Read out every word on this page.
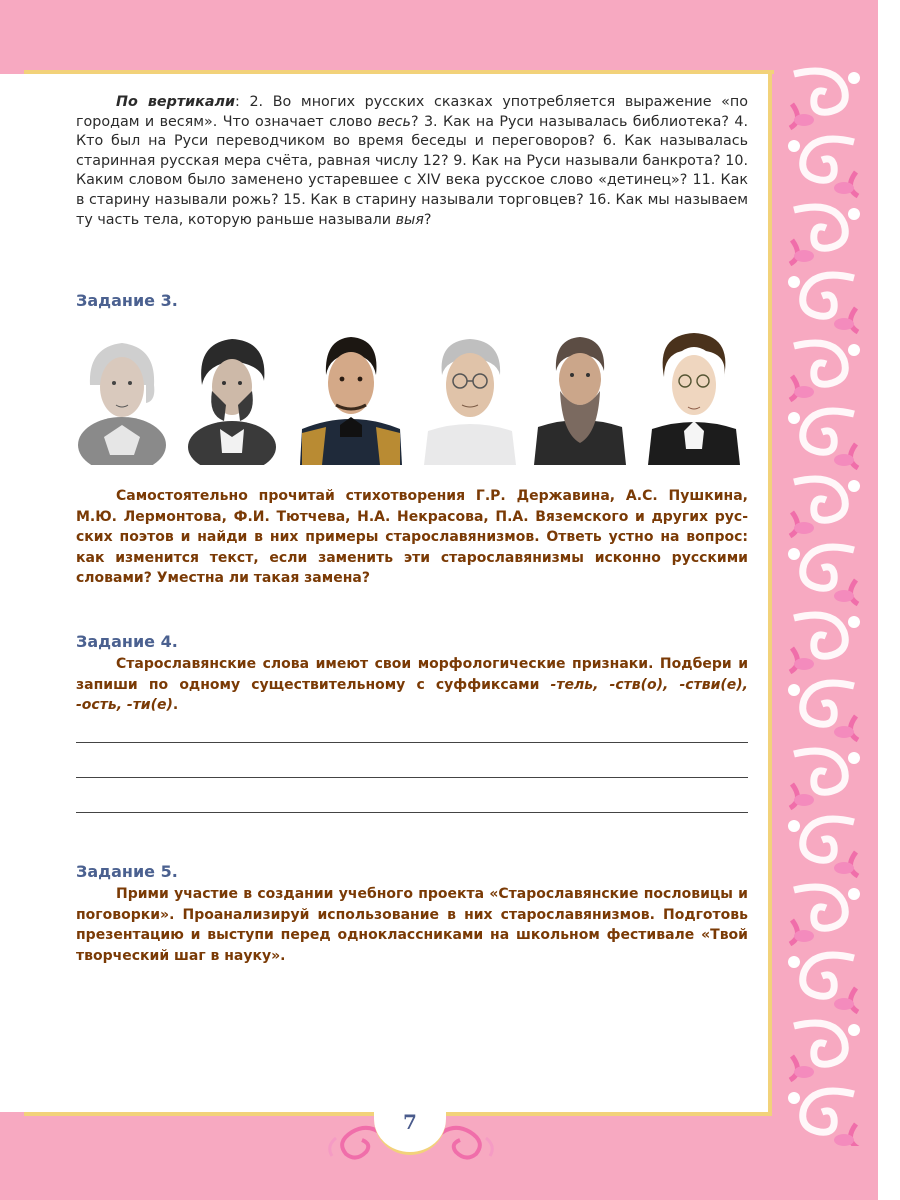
По вертикали: 2. Во многих русских сказках употребляется выражение «по городам и весям». Что означает слово весь? 3. Как на Руси называлась библиотека? 4. Кто был на Руси переводчиком во время беседы и переговоров? 6. Как называлась старинная русская мера счёта, равная числу 12? 9. Как на Руси называли банкрота? 10. Каким словом было заменено устаревшее с XIV века русское слово «детинец»? 11. Как в старину называли рожь? 15. Как в старину называли торговцев? 16. Как мы называем ту часть тела, которую раньше называли выя?
Задание 3.
Самостоятельно прочитай стихотворения Г.Р. Державина, А.С. Пушкина, М.Ю. Лермонтова, Ф.И. Тютчева, Н.А. Некрасова, П.А. Вяземского и других русских поэтов и найди в них примеры старославянизмов. Ответь устно на вопрос: как изменится текст, если заменить эти старославянизмы исконно русскими словами? Уместна ли такая замена?
Задание 4.
Старославянские слова имеют свои морфологические признаки. Подбери и запиши по одному существительному с суффиксами -тель, -ств(о), -стви(е), -ость, -ти(е).
Задание 5.
Прими участие в создании учебного проекта «Старославянские пословицы и поговорки». Проанализируй использование в них старославянизмов. Подготовь презентацию и выступи перед одноклассниками на школьном фестивале «Твой творческий шаг в науку».
7
